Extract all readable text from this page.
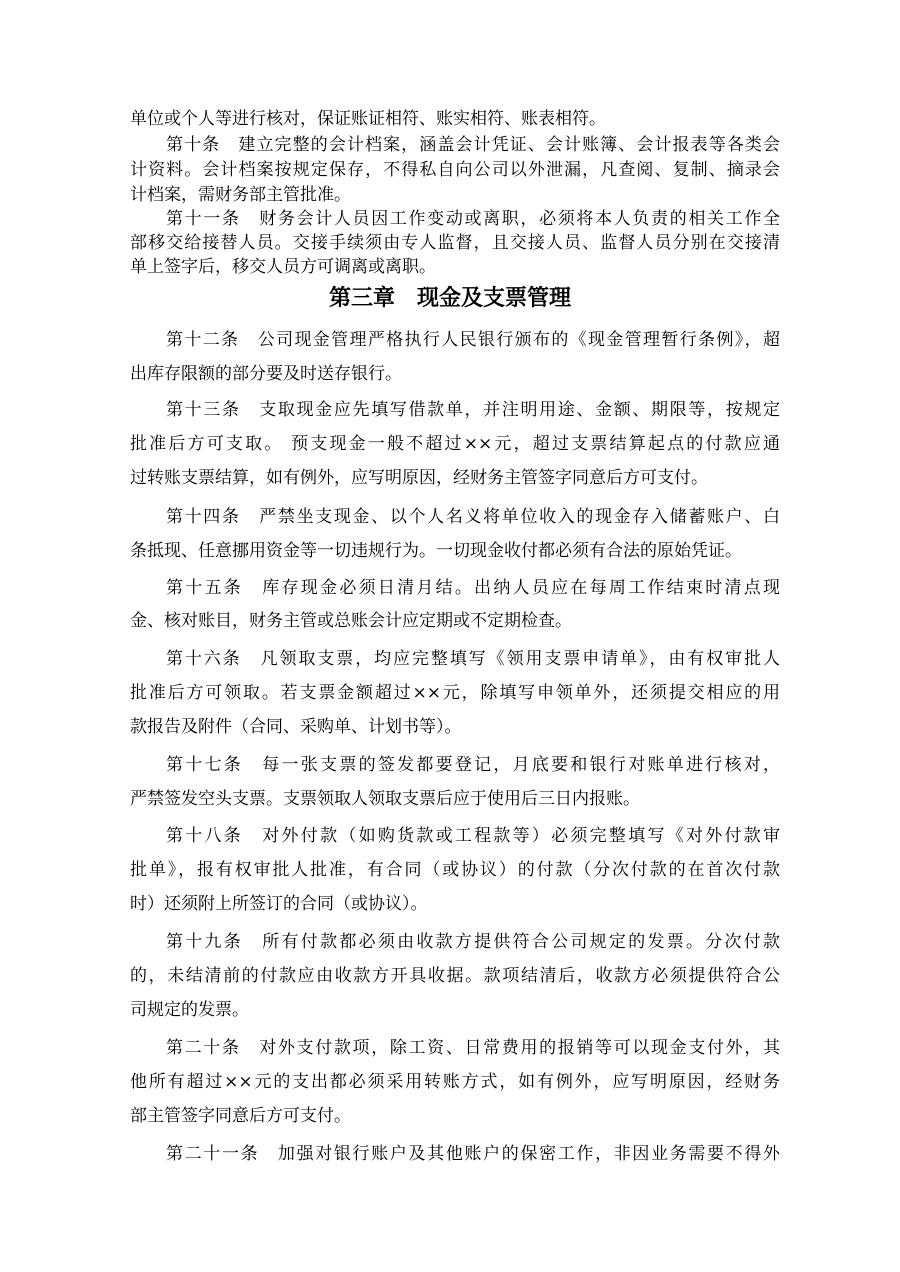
单位或个人等进行核对，保证账证相符、账实相符、账表相符。
第十条　建立完整的会计档案，涵盖会计凭证、会计账簿、会计报表等各类会
计资料。会计档案按规定保存，不得私自向公司以外泄漏，凡查阅、复制、摘录会
计档案，需财务部主管批准。
第十一条　财务会计人员因工作变动或离职，必须将本人负责的相关工作全
部移交给接替人员。交接手续须由专人监督，且交接人员、监督人员分别在交接清
单上签字后，移交人员方可调离或离职。
第三章　现金及支票管理
第十二条　公司现金管理严格执行人民银行颁布的《现金管理暂行条例》，超
出库存限额的部分要及时送存银行。
第十三条　支取现金应先填写借款单，并注明用途、金额、期限等，按规定
批准后方可支取。 预支现金一般不超过××元，超过支票结算起点的付款应通
过转账支票结算，如有例外，应写明原因，经财务主管签字同意后方可支付。
第十四条　严禁坐支现金、以个人名义将单位收入的现金存入储蓄账户、白
条抵现、任意挪用资金等一切违规行为。一切现金收付都必须有合法的原始凭证。
第十五条　库存现金必须日清月结。出纳人员应在每周工作结束时清点现
金、核对账目，财务主管或总账会计应定期或不定期检查。
第十六条　凡领取支票，均应完整填写《领用支票申请单》，由有权审批人
批准后方可领取。若支票金额超过××元，除填写申领单外，还须提交相应的用
款报告及附件（合同、采购单、计划书等）。
第十七条　每一张支票的签发都要登记，月底要和银行对账单进行核对，
严禁签发空头支票。支票领取人领取支票后应于使用后三日内报账。
第十八条　对外付款（如购货款或工程款等）必须完整填写《对外付款审
批单》，报有权审批人批准，有合同（或协议）的付款（分次付款的在首次付款
时）还须附上所签订的合同（或协议）。
第十九条　所有付款都必须由收款方提供符合公司规定的发票。分次付款
的，未结清前的付款应由收款方开具收据。款项结清后，收款方必须提供符合公
司规定的发票。
第二十条　对外支付款项，除工资、日常费用的报销等可以现金支付外，其
他所有超过××元的支出都必须采用转账方式，如有例外，应写明原因，经财务
部主管签字同意后方可支付。
第二十一条　加强对银行账户及其他账户的保密工作，非因业务需要不得外
